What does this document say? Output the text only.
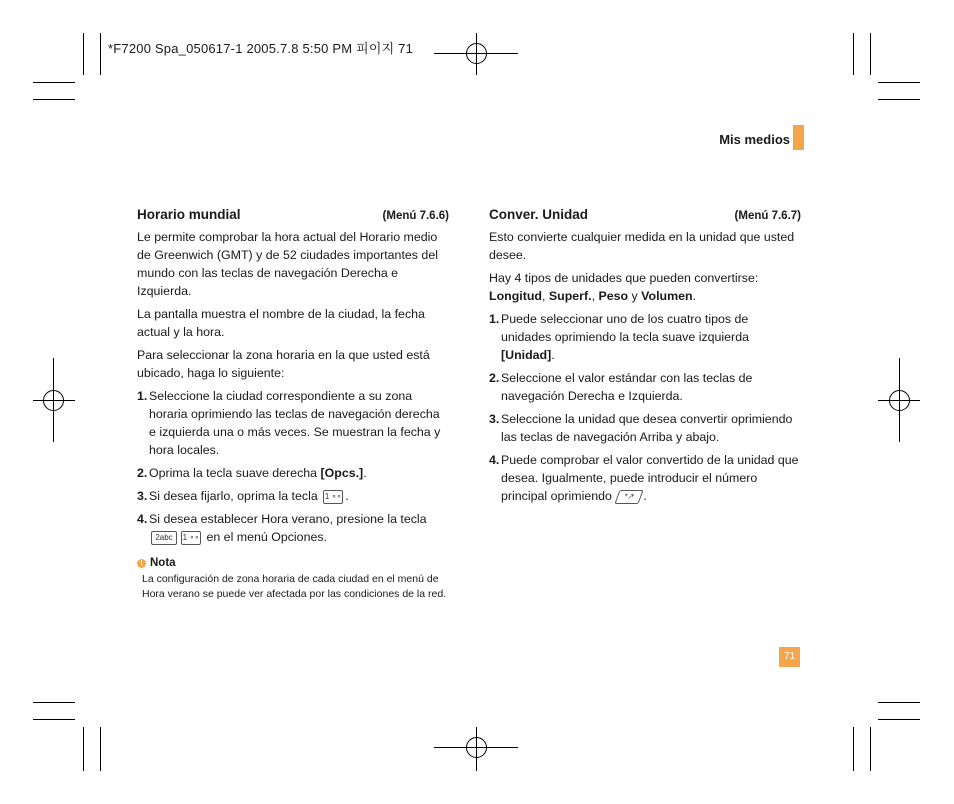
*F7200 Spa_050617-1 2005.7.8 5:50 PM 피이지 71
Mis medios
Horario mundial	(Menú 7.6.6)

Le permite comprobar la hora actual del Horario medio de Greenwich (GMT) y de 52 ciudades importantes del mundo con las teclas de navegación Derecha e Izquierda.

La pantalla muestra el nombre de la ciudad, la fecha actual y la hora.

Para seleccionar la zona horaria en la que usted está ubicado, haga lo siguiente:

1. Seleccione la ciudad correspondiente a su zona horaria oprimiendo las teclas de navegación derecha e izquierda una o más veces. Se muestran la fecha y hora locales.
2. Oprima la tecla suave derecha [Opcs.].
3. Si desea fijarlo, oprima la tecla 1 ∘∘ .
4. Si desea establecer Hora verano, presione la tecla 2abc 1 ∘∘ en el menú Opciones.
! Nota
La configuración de zona horaria de cada ciudad en el menú de Hora verano se puede ver afectada por las condiciones de la red.
Conver. Unidad	(Menú 7.6.7)

Esto convierte cualquier medida en la unidad que usted desee.

Hay 4 tipos de unidades que pueden convertirse:
Longitud, Superf., Peso y Volumen.

1. Puede seleccionar uno de los cuatro tipos de unidades oprimiendo la tecla suave izquierda [Unidad].
2. Seleccione el valor estándar con las teclas de navegación Derecha e Izquierda.
3. Seleccione la unidad que desea convertir oprimiendo las teclas de navegación Arriba y abajo.
4. Puede comprobar el valor convertido de la unidad que desea. Igualmente, puede introducir el número principal oprimiendo *↗ .
71
